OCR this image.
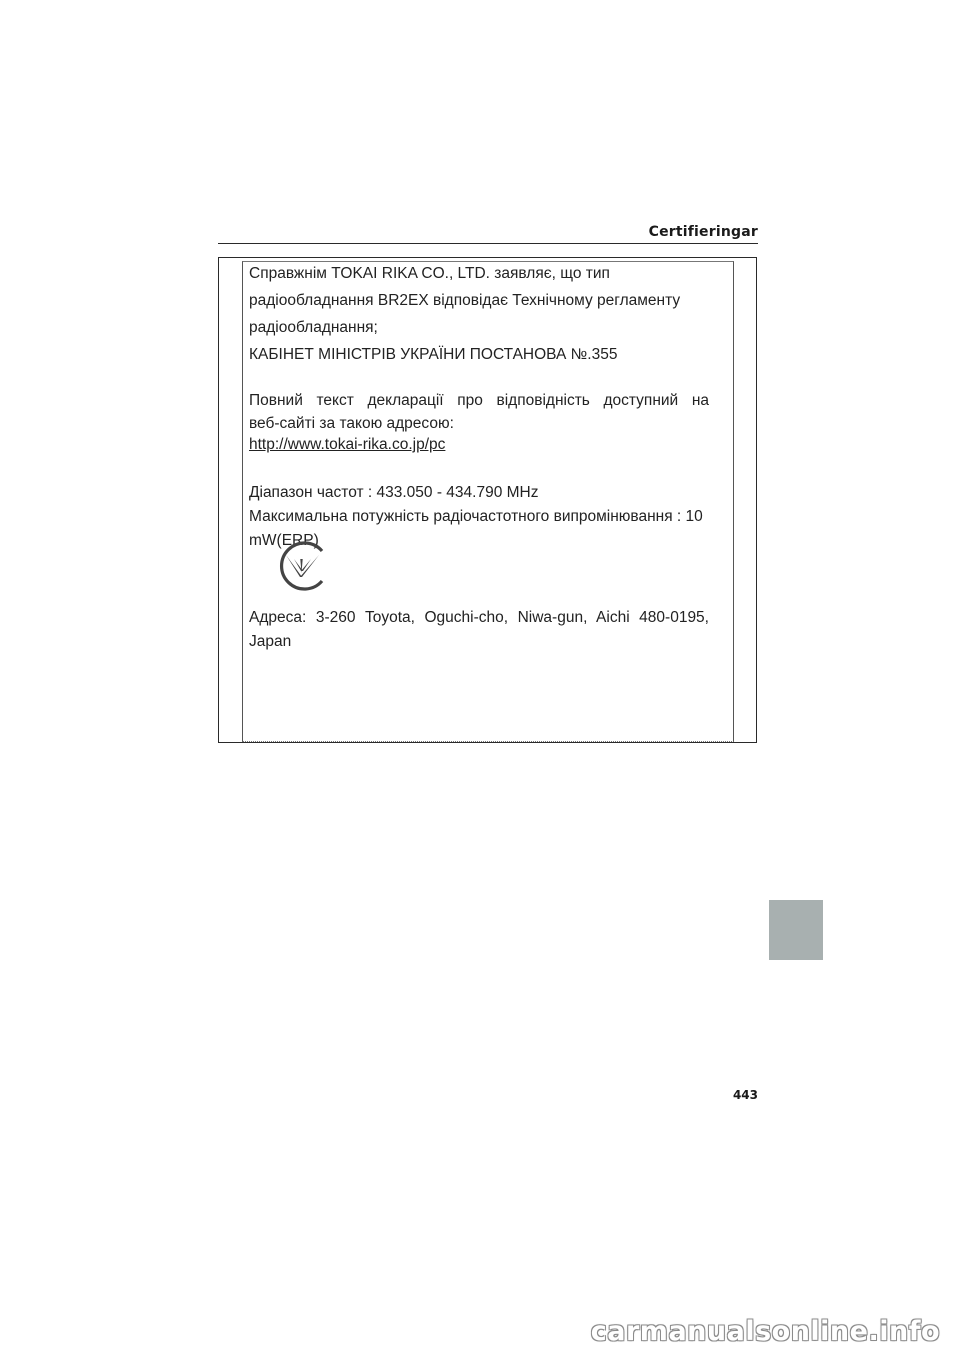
Certifieringar

Справжнім TOKAI RIKA CO., LTD. заявляє, що тип

радіообладнання BR2EX відповідає Технічному регламенту

радіообладнання;

КАБІНЕТ МІНІСТРІВ УКРАЇНИ ПОСТАНОВА №.355

Повний текст декларації про відповідність доступний на

веб-сайті за такою адресою:

http://www.tokai-rika.co.jp/pc

Діапазон частот : 433.050 - 434.790 MHz

Максимальна потужність радіочастотного випромінювання : 10

mW(ERP)

Адреса: 3-260 Toyota, Oguchi-cho, Niwa-gun, Aichi 480-0195,

Japan

443
carmanualsonline.info
